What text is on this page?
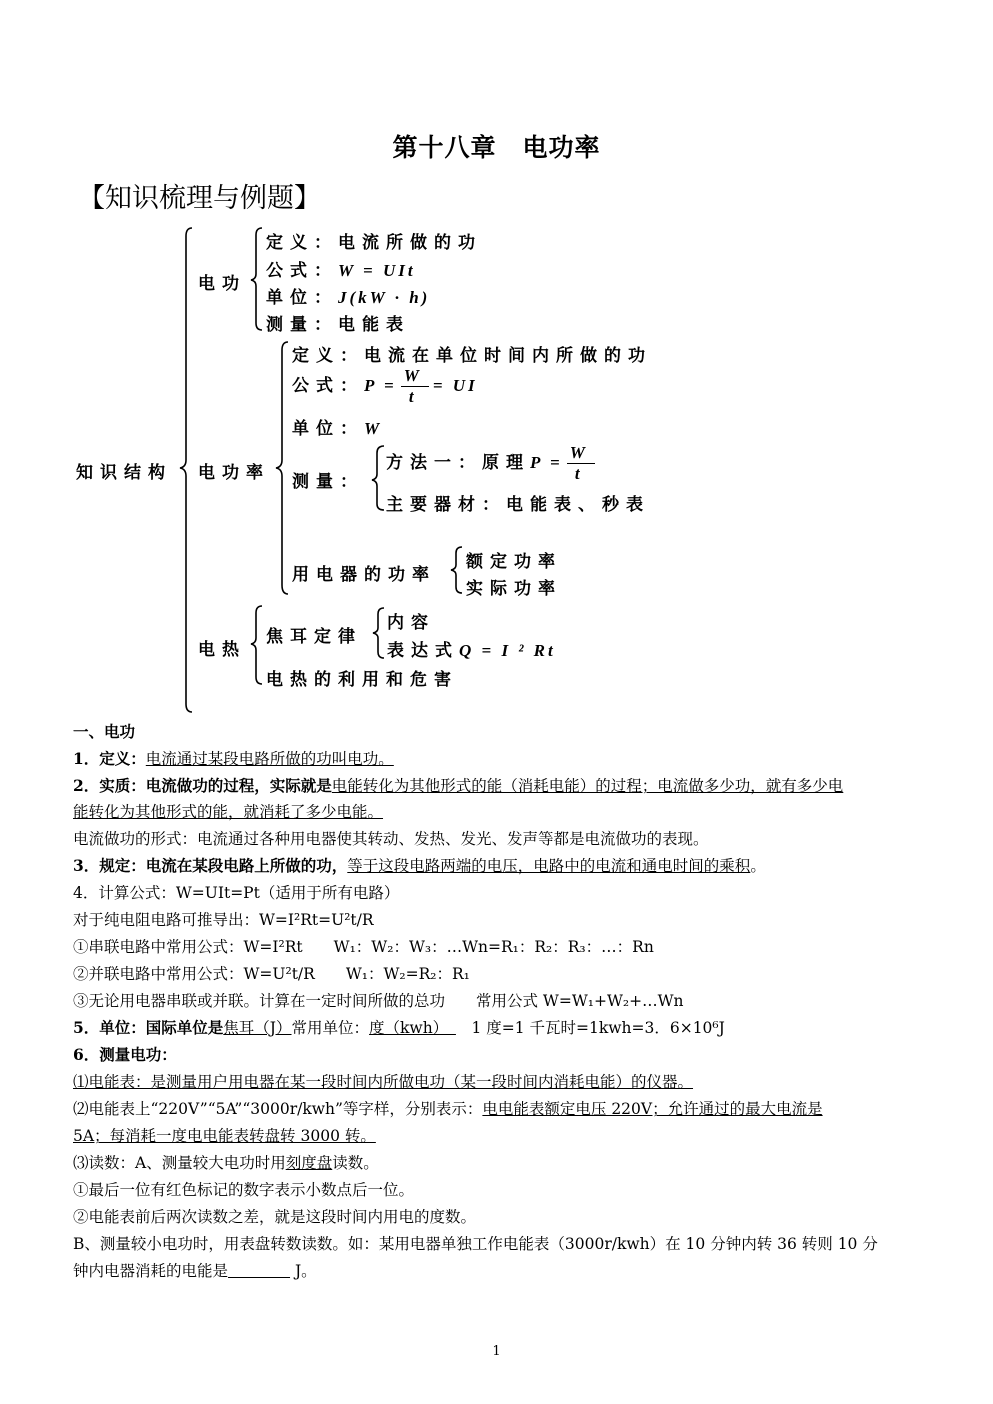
第十八章　电功率
【知识梳理与例题】
知识结构
电功
定义：电流所做的功
公式：W = UIt
单位：J(kW · h)
测量：电能表
电功率
定义：电流在单位时间内所做的功
公式：$P = \frac{W}{t}$ = UI
单位：W
测量：
方法一：原理$P = \frac{W}{t}$
主要器材：电能表、秒表
用电器的功率
额定功率
实际功率
电热
焦耳定律
内容
表达式Q = I ² Rt
电热的利用和危害
一、电功
1．定义：电流通过某段电路所做的功叫电功。
2．实质：电流做功的过程，实际就是电能转化为其他形式的能（消耗电能）的过程；电流做多少功，就有多少电
能转化为其他形式的能，就消耗了多少电能。
电流做功的形式：电流通过各种用电器使其转动、发热、发光、发声等都是电流做功的表现。
3．规定：电流在某段电路上所做的功，等于这段电路两端的电压，电路中的电流和通电时间的乘积。
4．计算公式：W=UIt=Pt（适用于所有电路）
对于纯电阻电路可推导出：W=I²Rt=U²t/R
①串联电路中常用公式：W=I²Rt　　W₁：W₂：W₃：…Wn=R₁：R₂：R₃：…：Rn
②并联电路中常用公式：W=U²t/R　　W₁：W₂=R₂：R₁
③无论用电器串联或并联。计算在一定时间所做的总功　　常用公式 W=W₁+W₂+…Wn
5．单位：国际单位是焦耳（J）常用单位：度（kwh）　　1 度=1 千瓦时=1kwh=3．6×10⁶J
6．测量电功：
⑴电能表：是测量用户用电器在某一段时间内所做电功（某一段时间内消耗电能）的仪器。
⑵电能表上“220V”“5A”“3000r/kwh”等字样，分别表示：电电能表额定电压 220V；允许通过的最大电流是
5A；每消耗一度电电能表转盘转 3000 转。
⑶读数：A、测量较大电功时用刻度盘读数。
①最后一位有红色标记的数字表示小数点后一位。
②电能表前后两次读数之差，就是这段时间内用电的度数。
B、测量较小电功时，用表盘转数读数。如：某用电器单独工作电能表（3000r/kwh）在 10 分钟内转 36 转则 10 分
钟内电器消耗的电能是　　　　	J。
1
